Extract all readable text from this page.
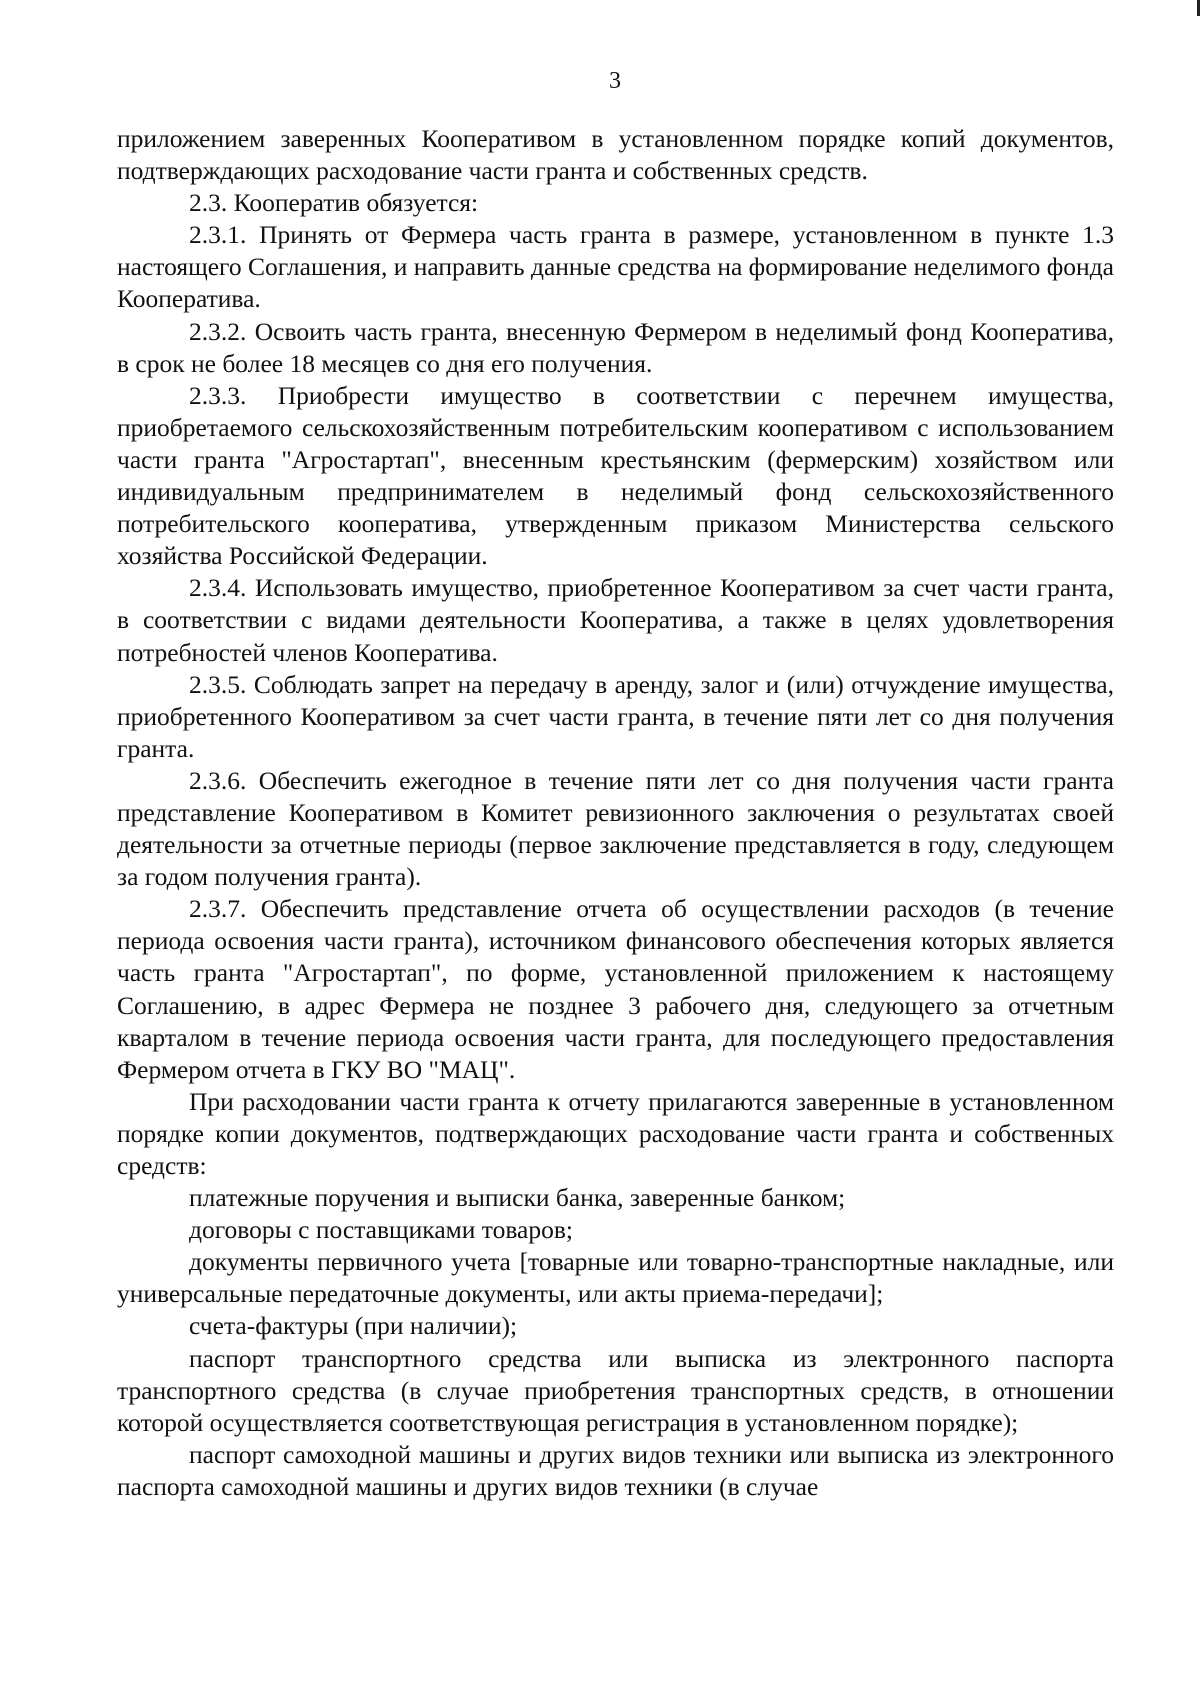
3

приложением заверенных Кооперативом в установленном порядке копий документов, подтверждающих расходование части гранта и собственных средств.

2.3. Кооператив обязуется:

2.3.1. Принять от Фермера часть гранта в размере, установленном в пункте 1.3 настоящего Соглашения, и направить данные средства на формирование неделимого фонда Кооператива.

2.3.2. Освоить часть гранта, внесенную Фермером в неделимый фонд Кооператива, в срок не более 18 месяцев со дня его получения.

2.3.3. Приобрести имущество в соответствии с перечнем имущества, приобретаемого сельскохозяйственным потребительским кооперативом с использованием части гранта "Агростартап", внесенным крестьянским (фермерским) хозяйством или индивидуальным предпринимателем в неделимый фонд сельскохозяйственного потребительского кооператива, утвержденным приказом Министерства сельского хозяйства Российской Федерации.

2.3.4. Использовать имущество, приобретенное Кооперативом за счет части гранта, в соответствии с видами деятельности Кооператива, а также в целях удовлетворения потребностей членов Кооператива.

2.3.5. Соблюдать запрет на передачу в аренду, залог и (или) отчуждение имущества, приобретенного Кооперативом за счет части гранта, в течение пяти лет со дня получения гранта.

2.3.6. Обеспечить ежегодное в течение пяти лет со дня получения части гранта представление Кооперативом в Комитет ревизионного заключения о результатах своей деятельности за отчетные периоды (первое заключение представляется в году, следующем за годом получения гранта).

2.3.7. Обеспечить представление отчета об осуществлении расходов (в течение периода освоения части гранта), источником финансового обеспечения которых является часть гранта "Агростартап", по форме, установленной приложением к настоящему Соглашению, в адрес Фермера не позднее 3 рабочего дня, следующего за отчетным кварталом в течение периода освоения части гранта, для последующего предоставления Фермером отчета в ГКУ ВО "МАЦ".

При расходовании части гранта к отчету прилагаются заверенные в установленном порядке копии документов, подтверждающих расходование части гранта и собственных средств:

платежные поручения и выписки банка, заверенные банком;

договоры с поставщиками товаров;

документы первичного учета [товарные или товарно-транспортные накладные, или универсальные передаточные документы, или акты приема-передачи];

счета-фактуры (при наличии);

паспорт транспортного средства или выписка из электронного паспорта транспортного средства (в случае приобретения транспортных средств, в отношении которой осуществляется соответствующая регистрация в установленном порядке);

паспорт самоходной машины и других видов техники или выписка из электронного паспорта самоходной машины и других видов техники (в случае
